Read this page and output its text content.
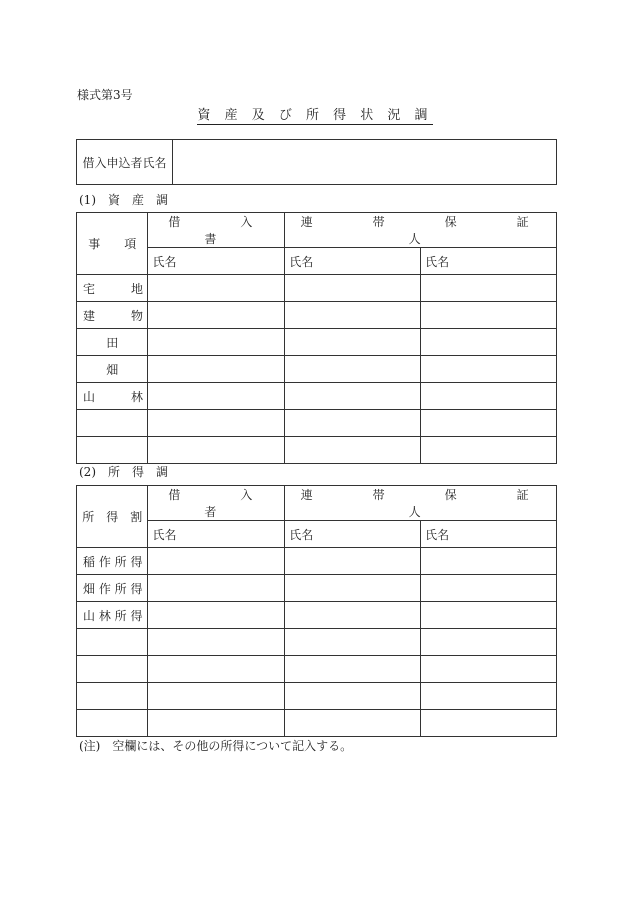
様式第3号
資 産 及 び 所 得 状 況 調
借入申込者氏名	
(1)　資　産　調
事　　項	借　　入　　書	連　　帯　　保　　証　　人	
	氏名	氏名	氏名
宅　　　地			
建　　　物			
田			
畑			
山　　　林			

(2)　所　得　調
所　得　割	借　　入　　者	連　　帯　　保　　証　　人	
	氏名	氏名	氏名
稲 作 所 得			
畑 作 所 得			
山 林 所 得			

(注)　空欄には、その他の所得について記入する。
